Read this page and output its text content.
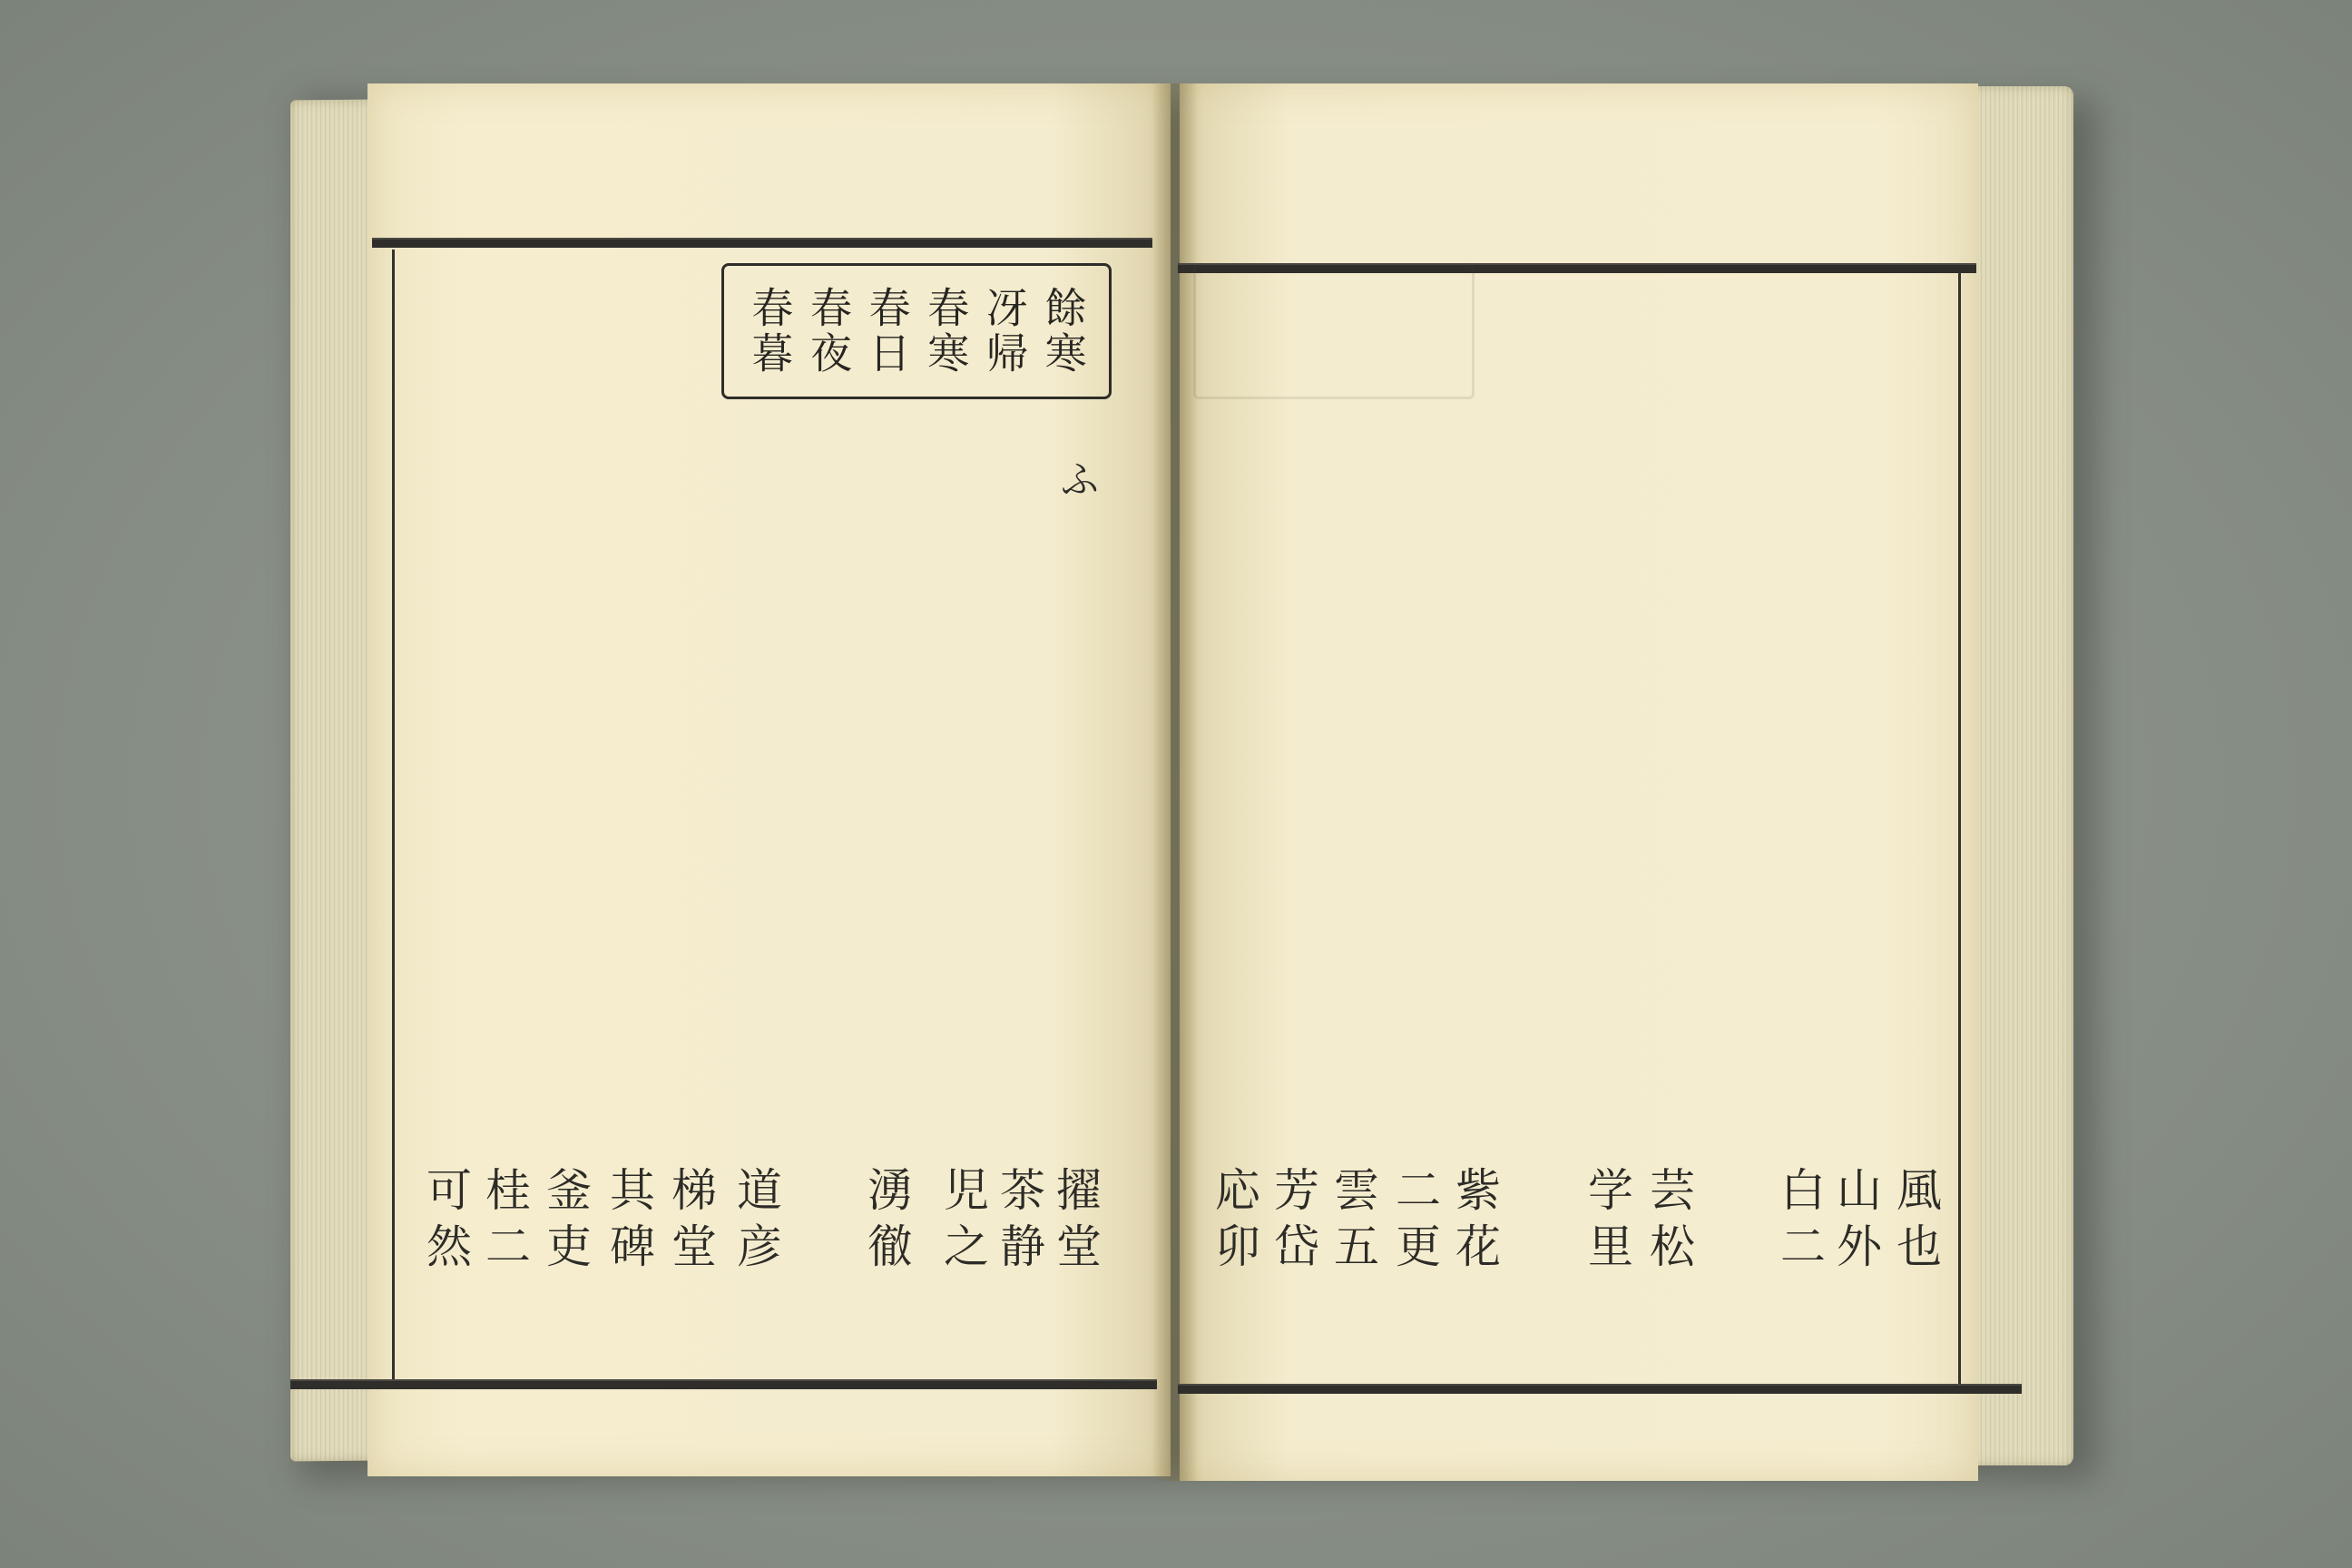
餘寒
冴帰
春寒
春日
春夜
春暮
ふ
擢堂
茶静
児之
湧徹
道彦
梯堂
其碑
釜吏
桂二
可然	風也
山外
白二
芸松
学里
紫花
二更
雲五
芳岱
応卯
